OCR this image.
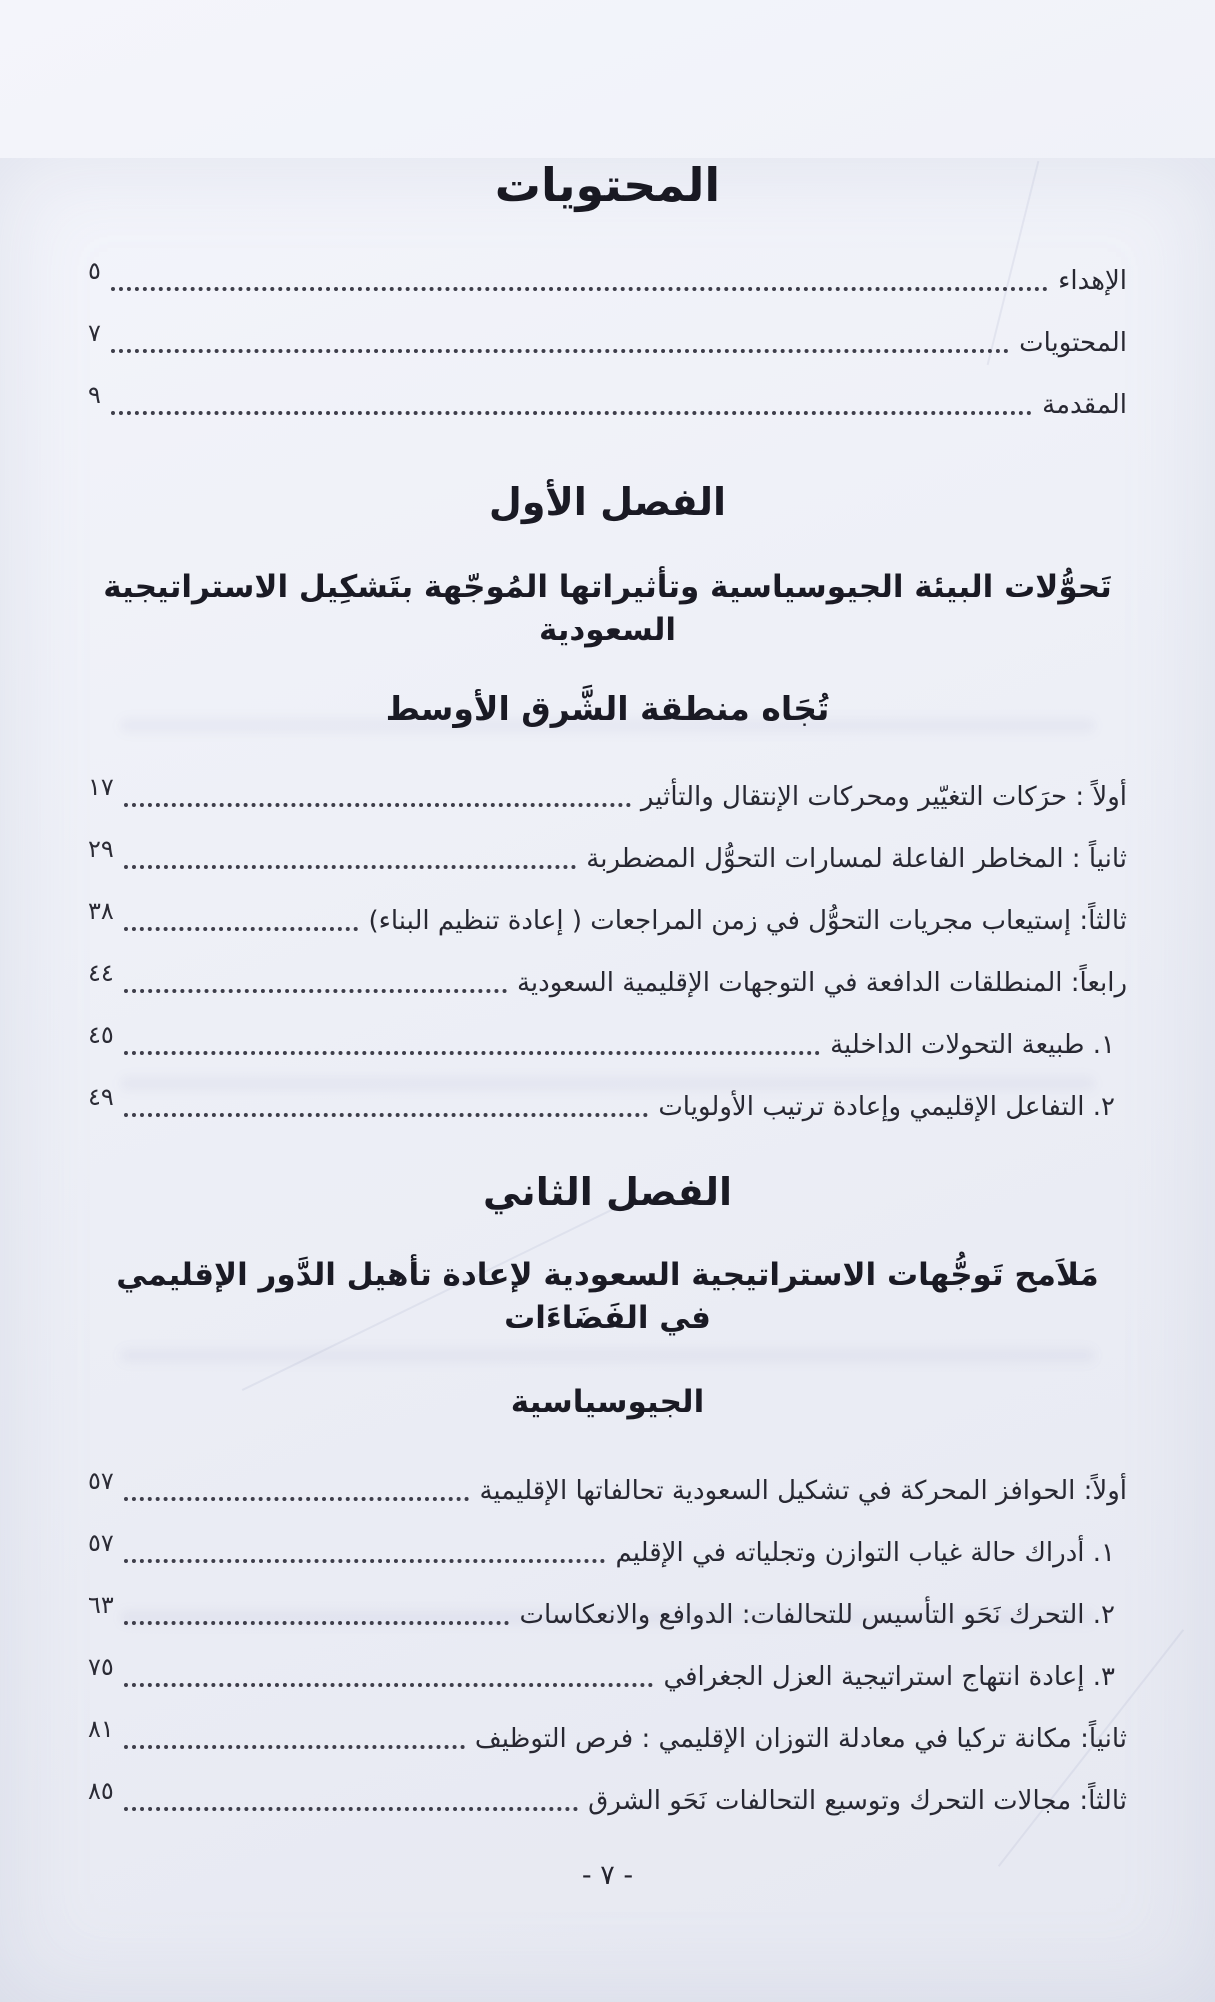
المحتويات
الإهداء
٥
المحتويات
٧
المقدمة
٩
الفصل الأول
تَحوُّلات البيئة الجيوسياسية وتأثيراتها المُوجّهة بتَشكِيل الاستراتيجية السعودية
تُجَاه منطقة الشَّرق الأوسط
أولاً : حرَكات التغيّير ومحركات الإنتقال والتأثير
١٧
ثانياً : المخاطر الفاعلة لمسارات التحوُّل المضطربة
٢٩
ثالثاً: إستيعاب مجريات التحوُّل في زمن المراجعات ( إعادة تنظيم البناء)
٣٨
رابعاً: المنطلقات الدافعة في التوجهات الإقليمية السعودية
٤٤
١. طبيعة التحولات الداخلية
٤٥
٢. التفاعل الإقليمي وإعادة ترتيب الأولويات
٤٩
الفصل الثاني
مَلاَمح تَوجُّهات الاستراتيجية السعودية لإعادة تأهيل الدَّور الإقليمي في الفَضَاءَات
الجيوسياسية
أولاً: الحوافز المحركة في تشكيل السعودية تحالفاتها الإقليمية
٥٧
١. أدراك حالة غياب التوازن وتجلياته في الإقليم
٥٧
٢. التحرك نَحَو التأسيس للتحالفات: الدوافع والانعكاسات
٦٣
٣. إعادة انتهاج استراتيجية العزل الجغرافي
٧٥
ثانياً: مكانة تركيا في معادلة التوزان الإقليمي : فرص التوظيف
٨١
ثالثاً: مجالات التحرك وتوسيع التحالفات نَحَو الشرق
٨٥
- ٧ -
